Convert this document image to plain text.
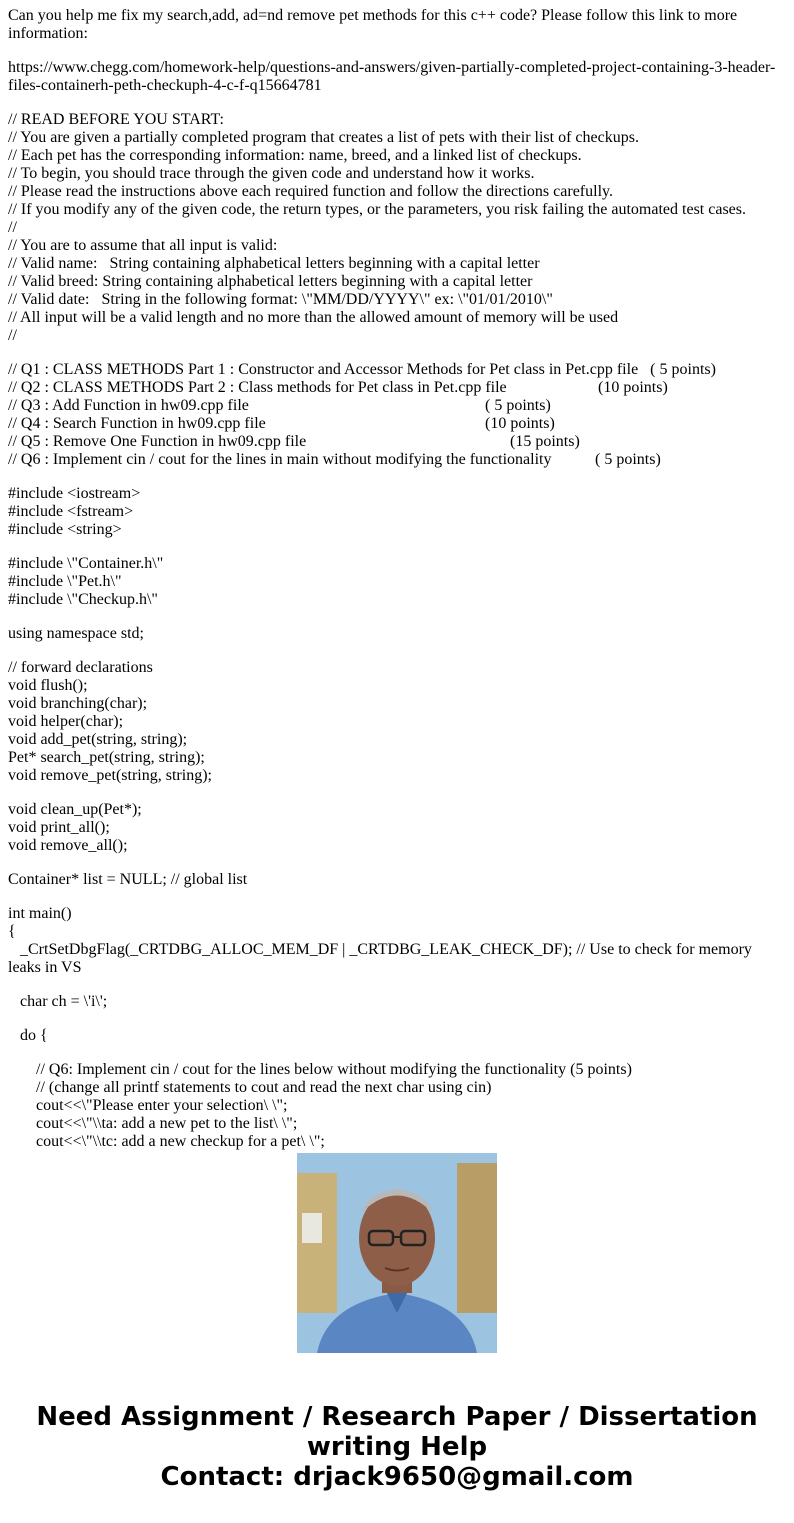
Can you help me fix my search,add, ad=nd remove pet methods for this c++ code? Please follow this link to more information:

https://www.chegg.com/homework-help/questions-and-answers/given-partially-completed-project-containing-3-header-files-containerh-peth-checkuph-4-c-f-q15664781

// READ BEFORE YOU START:
// You are given a partially completed program that creates a list of pets with their list of checkups.
// Each pet has the corresponding information: name, breed, and a linked list of checkups.
// To begin, you should trace through the given code and understand how it works.
// Please read the instructions above each required function and follow the directions carefully.
// If you modify any of the given code, the return types, or the parameters, you risk failing the automated test cases.
//
// You are to assume that all input is valid:
// Valid name:   String containing alphabetical letters beginning with a capital letter
// Valid breed: String containing alphabetical letters beginning with a capital letter
// Valid date:   String in the following format: \"MM/DD/YYYY\" ex: \"01/01/2010\"
// All input will be a valid length and no more than the allowed amount of memory will be used
//

// Q1 : CLASS METHODS Part 1 : Constructor and Accessor Methods for Pet class in Pet.cpp file ( 5 points)
// Q2 : CLASS METHODS Part 2 : Class methods for Pet class in Pet.cpp file	(10 points)
// Q3 : Add Function in hw09.cpp file	( 5 points)
// Q4 : Search Function in hw09.cpp file	(10 points)
// Q5 : Remove One Function in hw09.cpp file	(15 points)
// Q6 : Implement cin / cout for the lines in main without modifying the functionality	( 5 points)

#include <iostream>
#include <fstream>
#include <string>

#include \"Container.h\"
#include \"Pet.h\"
#include \"Checkup.h\"

using namespace std;

// forward declarations
void flush();
void branching(char);
void helper(char);
void add_pet(string, string);
Pet* search_pet(string, string);
void remove_pet(string, string);

void clean_up(Pet*);
void print_all();
void remove_all();

Container* list = NULL; // global list

int main()
{
_CrtSetDbgFlag(_CRTDBG_ALLOC_MEM_DF | _CRTDBG_LEAK_CHECK_DF); // Use to check for memory leaks in VS

char ch = \'i\';

do {

// Q6: Implement cin / cout for the lines below without modifying the functionality (5 points)
// (change all printf statements to cout and read the next char using cin)
cout<<\"Please enter your selection\ \";
cout<<\"\\ta: add a new pet to the list\ \";
cout<<\"\\tc: add a new checkup for a pet\ \";

Need Assignment / Research Paper / Dissertation writing Help
Contact: drjack9650@gmail.com
